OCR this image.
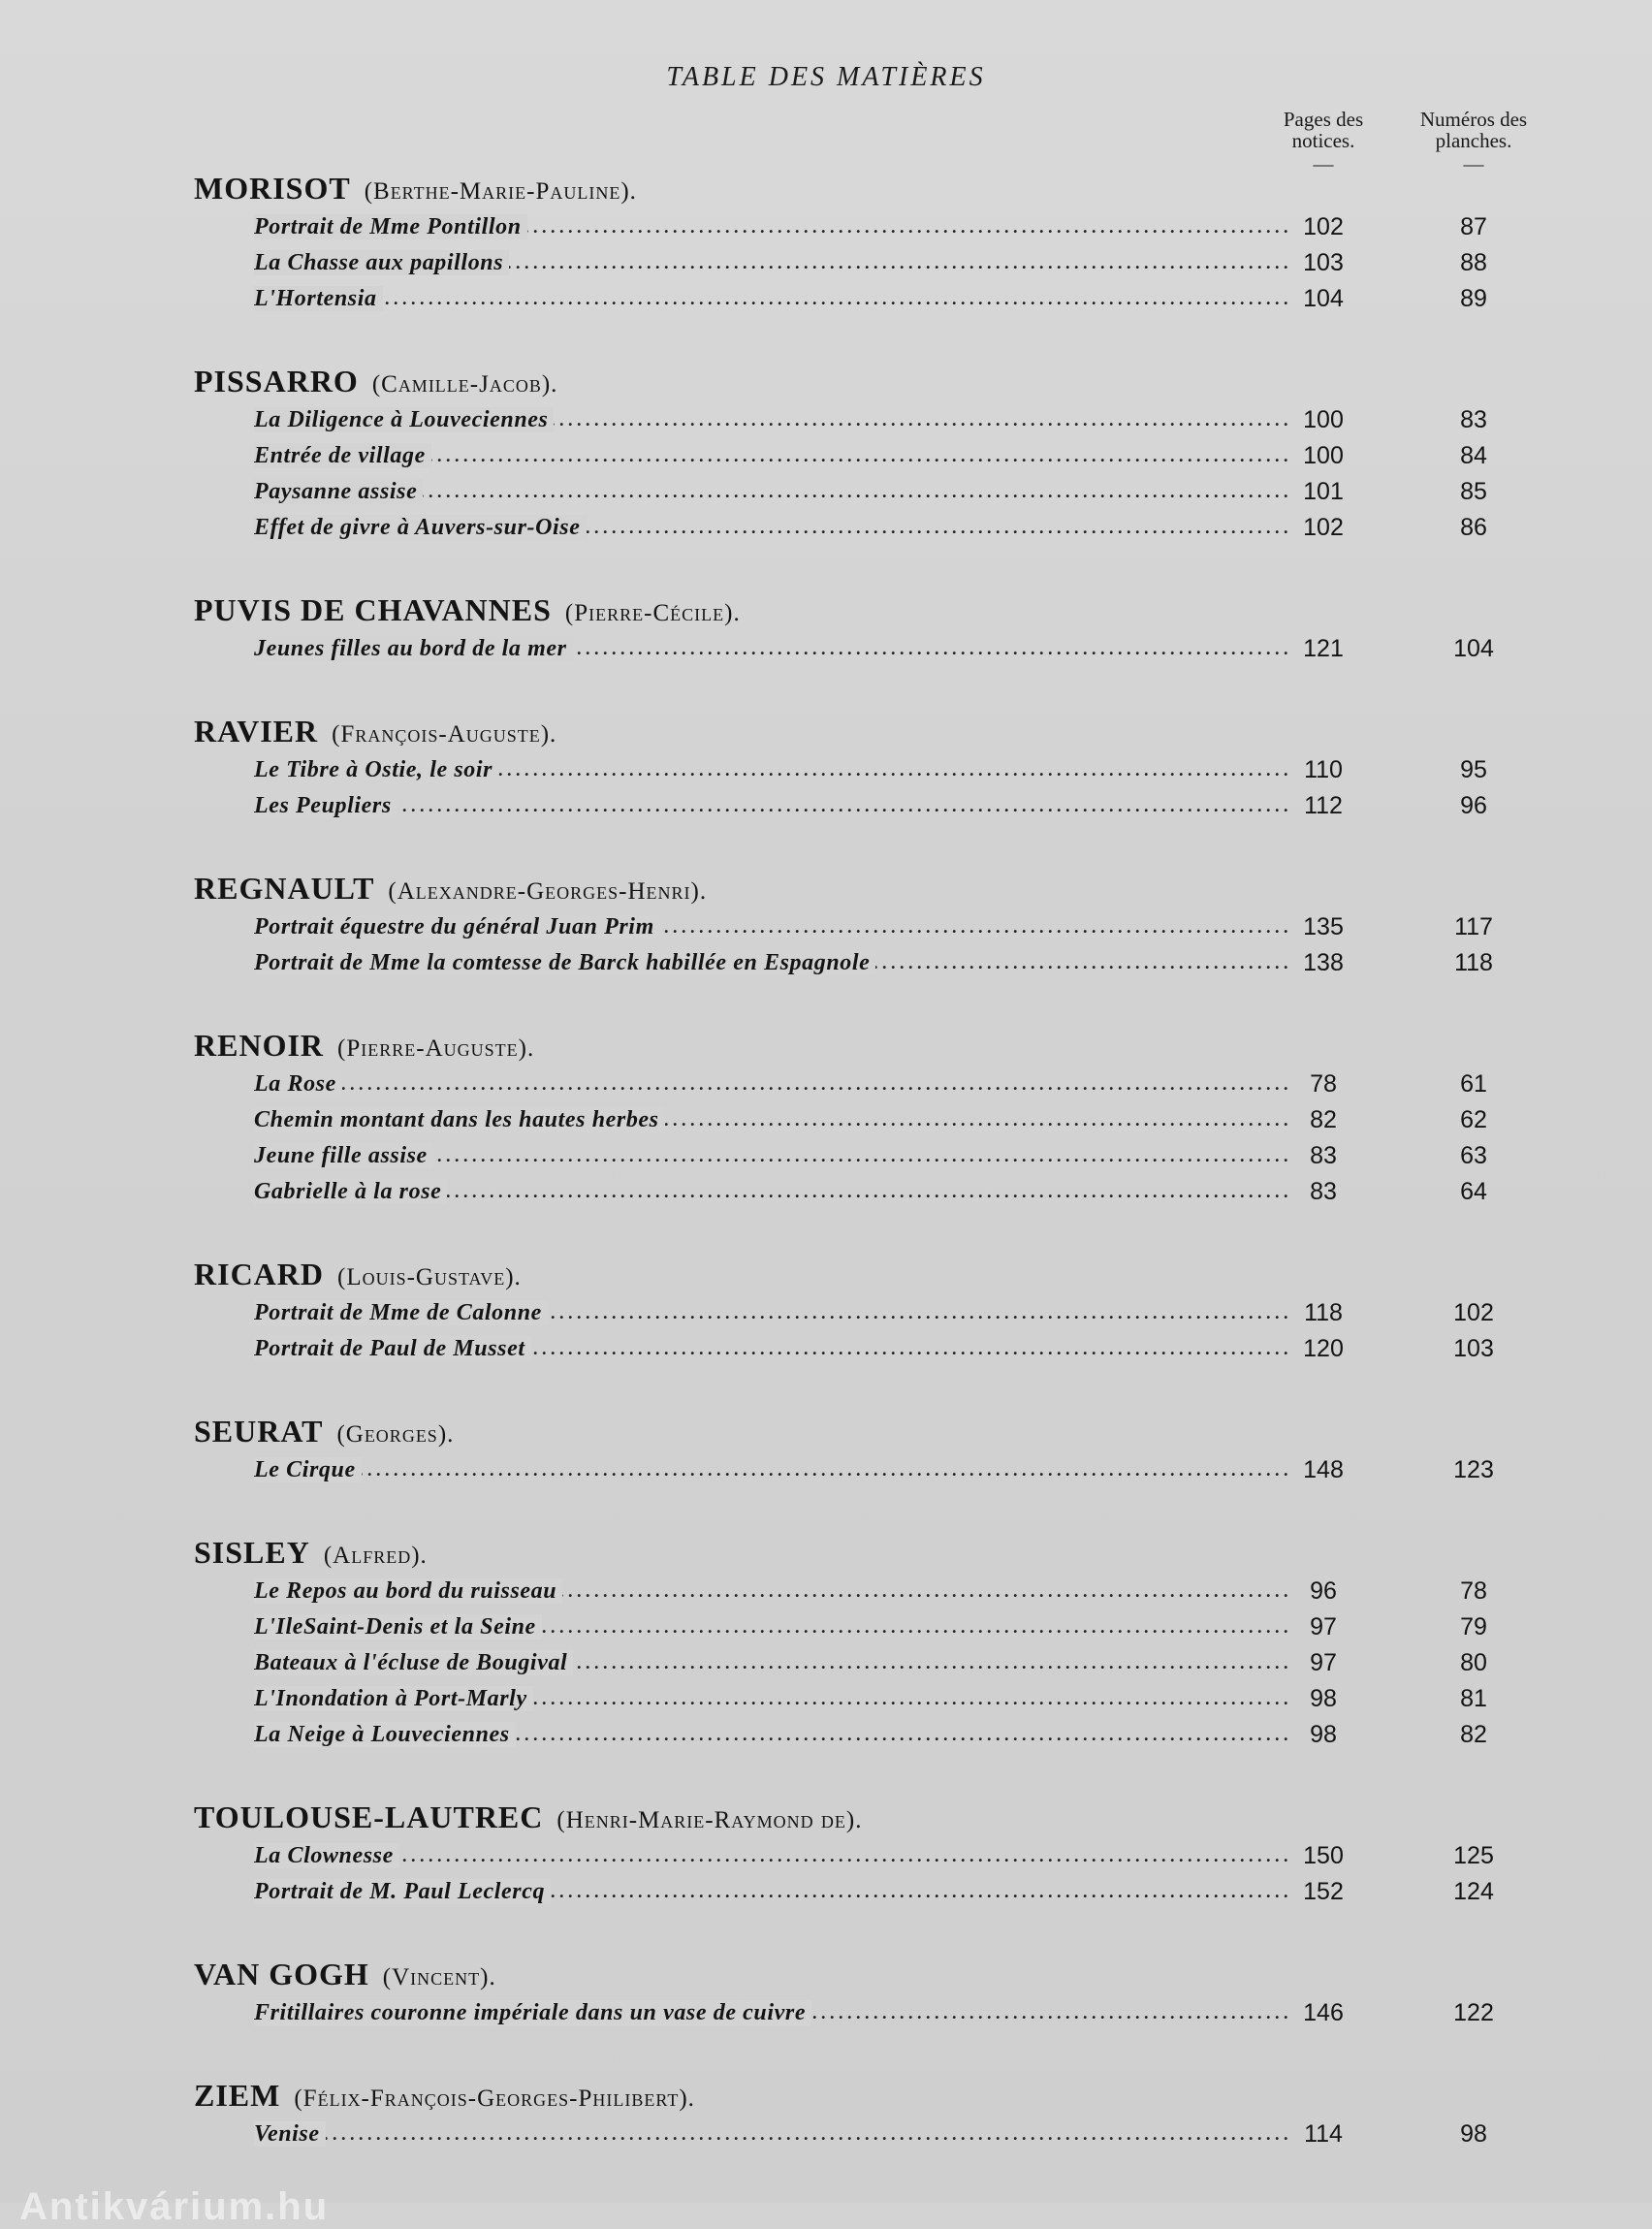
TABLE DES MATIÈRES
Pages des notices.
—
Numéros des planches.
—
MORISOT (Berthe-Marie-Pauline).
Portrait de Mme Pontillon . . .	102	87
La Chasse aux papillons . . .	103	88
L'Hortensia . . .	104	89
PISSARRO (Camille-Jacob).
La Diligence à Louveciennes . . .	100	83
Entrée de village . . .	100	84
Paysanne assise . . .	101	85
Effet de givre à Auvers-sur-Oise . . .	102	86
PUVIS DE CHAVANNES (Pierre-Cécile).
Jeunes filles au bord de la mer . . .	121	104
RAVIER (François-Auguste).
Le Tibre à Ostie, le soir . . .	110	95
Les Peupliers . . .	112	96
REGNAULT (Alexandre-Georges-Henri).
Portrait équestre du général Juan Prim . . .	135	117
Portrait de Mme la comtesse de Barck habillée en Espagnole . . .	138	118
RENOIR (Pierre-Auguste).
La Rose . . .	78	61
Chemin montant dans les hautes herbes . . .	82	62
Jeune fille assise . . .	83	63
Gabrielle à la rose . . .	83	64
RICARD (Louis-Gustave).
Portrait de Mme de Calonne . . .	118	102
Portrait de Paul de Musset . . .	120	103
SEURAT (Georges).
Le Cirque . . .	148	123
SISLEY (Alfred).
Le Repos au bord du ruisseau . . .	96	78
L'IleSaint-Denis et la Seine . . .	97	79
Bateaux à l'écluse de Bougival . . .	97	80
L'Inondation à Port-Marly . . .	98	81
La Neige à Louveciennes . . .	98	82
TOULOUSE-LAUTREC (Henri-Marie-Raymond de).
La Clownesse . . .	150	125
Portrait de M. Paul Leclercq . . .	152	124
VAN GOGH (Vincent).
Fritillaires couronne impériale dans un vase de cuivre . . .	146	122
ZIEM (Félix-François-Georges-Philibert).
Venise . . .	114	98
Antikvárium.hu
